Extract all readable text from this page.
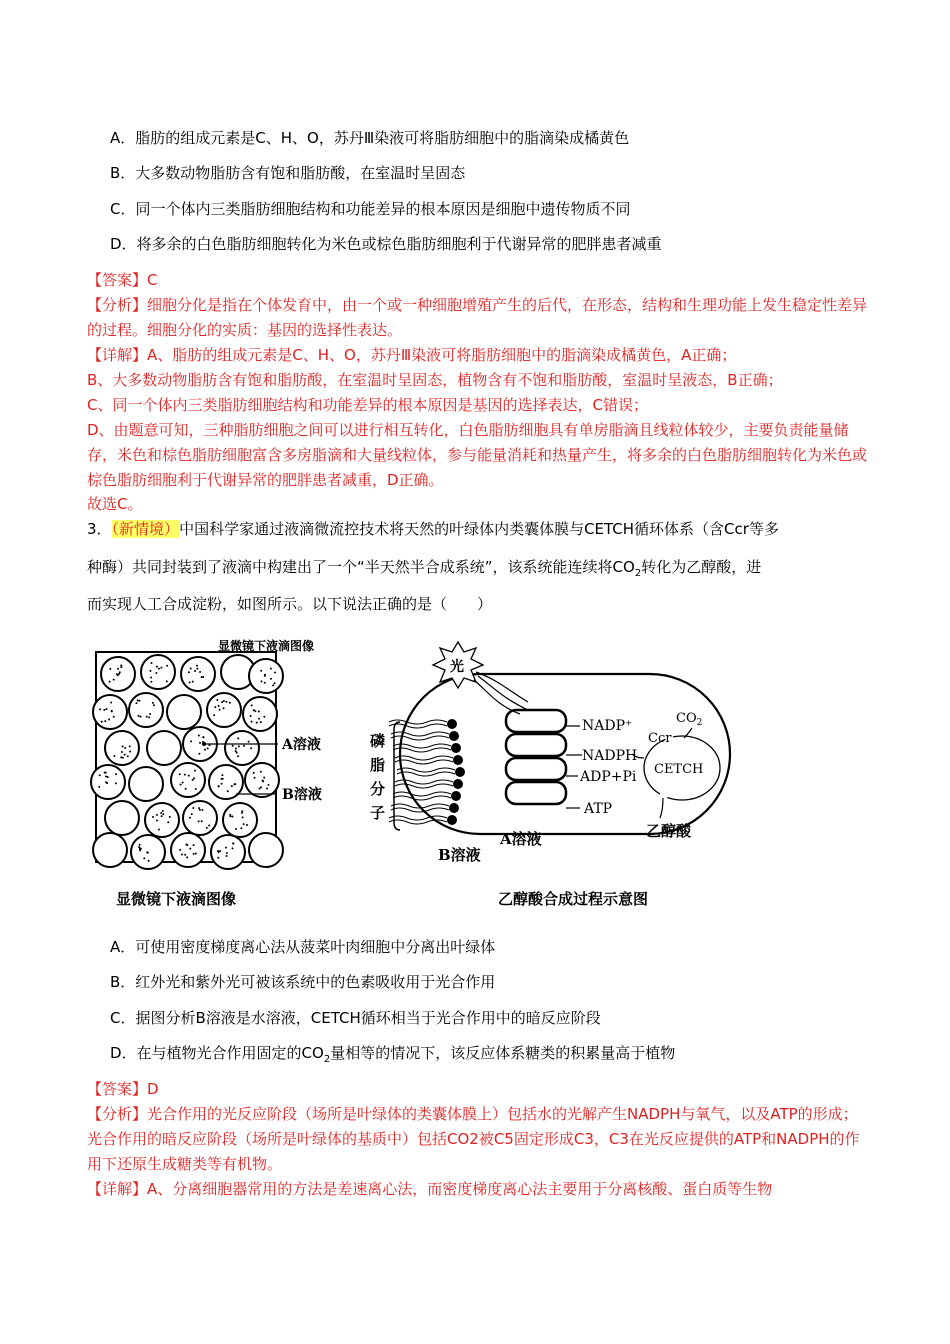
A．脂肪的组成元素是C、H、O，苏丹Ⅲ染液可将脂肪细胞中的脂滴染成橘黄色
B．大多数动物脂肪含有饱和脂肪酸，在室温时呈固态
C．同一个体内三类脂肪细胞结构和功能差异的根本原因是细胞中遗传物质不同
D．将多余的白色脂肪细胞转化为米色或棕色脂肪细胞利于代谢异常的肥胖患者减重
【答案】C
【分析】细胞分化是指在个体发育中，由一个或一种细胞增殖产生的后代，在形态，结构和生理功能上发生稳定性差异的过程。细胞分化的实质：基因的选择性表达。
【详解】A、脂肪的组成元素是C、H、O，苏丹Ⅲ染液可将脂肪细胞中的脂滴染成橘黄色，A正确；
B、大多数动物脂肪含有饱和脂肪酸，在室温时呈固态，植物含有不饱和脂肪酸，室温时呈液态，B正确；
C、同一个体内三类脂肪细胞结构和功能差异的根本原因是基因的选择表达，C错误；
D、由题意可知，三种脂肪细胞之间可以进行相互转化，白色脂肪细胞具有单房脂滴且线粒体较少，主要负责能量储存，米色和棕色脂肪细胞富含多房脂滴和大量线粒体，参与能量消耗和热量产生，将多余的白色脂肪细胞转化为米色或棕色脂肪细胞利于代谢异常的肥胖患者减重，D正确。
故选C。
3．（新情境）中国科学家通过液滴微流控技术将天然的叶绿体内类囊体膜与CETCH循环体系（含Ccr等多
种酶）共同封装到了液滴中构建出了一个“半天然半合成系统”，该系统能连续将$CO_2$转化为乙醇酸，进
而实现人工合成淀粉，如图所示。以下说法正确的是（　　）
显微镜下液滴图像
A溶液
B溶液
显微镜下液滴图像
光
磷
脂
分
子
NADP⁺
NADPH
ADP+Pi
ATP
CETCH
Ccr
$CO_2$
乙醇酸
A溶液
B溶液
乙醇酸合成过程示意图
A．可使用密度梯度离心法从菠菜叶肉细胞中分离出叶绿体
B．红外光和紫外光可被该系统中的色素吸收用于光合作用
C．据图分析B溶液是水溶液，CETCH循环相当于光合作用中的暗反应阶段
D．在与植物光合作用固定的$CO_2$量相等的情况下，该反应体系糖类的积累量高于植物
【答案】D
【分析】光合作用的光反应阶段（场所是叶绿体的类囊体膜上）包括水的光解产生NADPH与氧气，以及ATP的形成；光合作用的暗反应阶段（场所是叶绿体的基质中）包括CO2被C5固定形成C3，C3在光反应提供的ATP和NADPH的作用下还原生成糖类等有机物。
【详解】A、分离细胞器常用的方法是差速离心法，而密度梯度离心法主要用于分离核酸、蛋白质等生物
